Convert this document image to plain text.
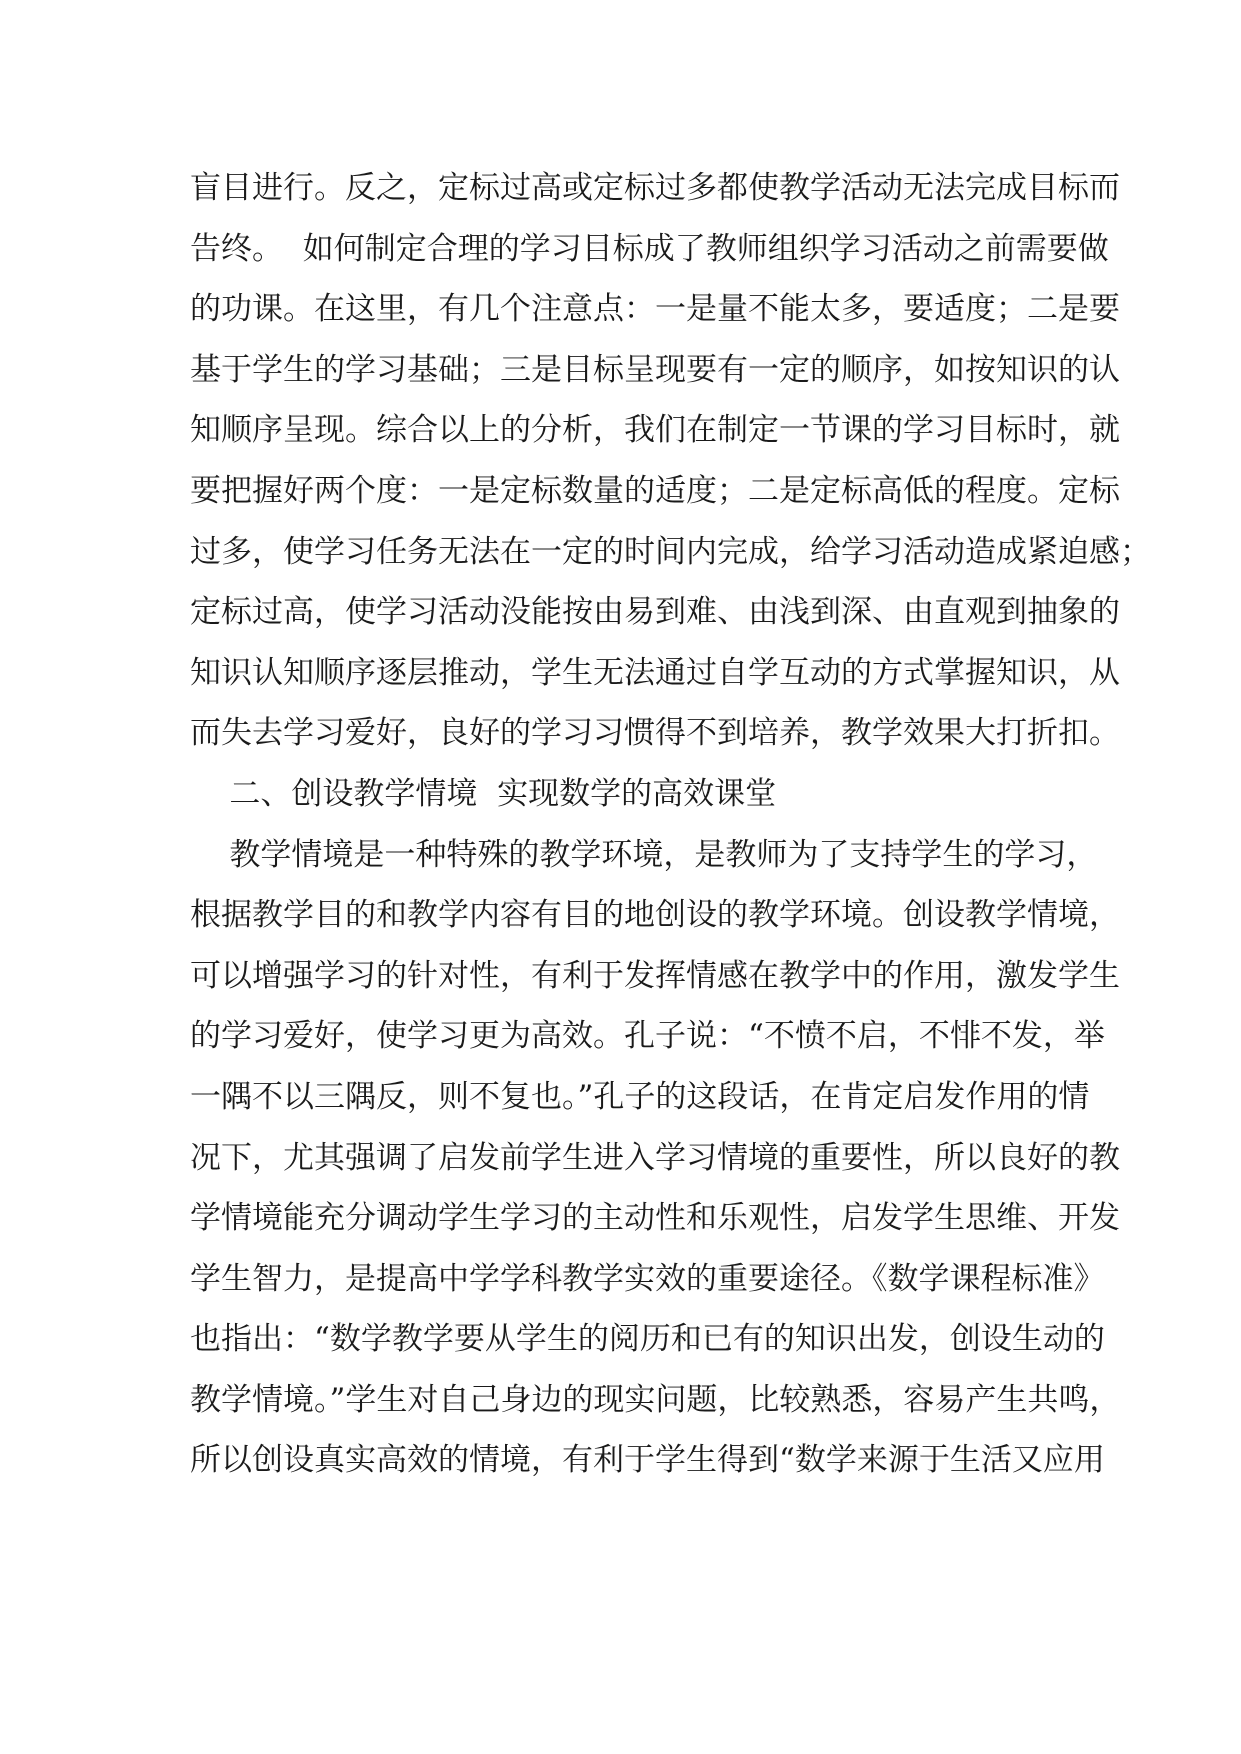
盲目进行。反之，定标过高或定标过多都使教学活动无法完成目标而
告终。  如何制定合理的学习目标成了教师组织学习活动之前需要做
的功课。在这里，有几个注意点：一是量不能太多，要适度；二是要
基于学生的学习基础；三是目标呈现要有一定的顺序，如按知识的认
知顺序呈现。综合以上的分析，我们在制定一节课的学习目标时，就
要把握好两个度：一是定标数量的适度；二是定标高低的程度。定标
过多，使学习任务无法在一定的时间内完成，给学习活动造成紧迫感；
定标过高，使学习活动没能按由易到难、由浅到深、由直观到抽象的
知识认知顺序逐层推动，学生无法通过自学互动的方式掌握知识，从
而失去学习爱好，良好的学习习惯得不到培养，教学效果大打折扣。
二、创设教学情境  实现数学的高效课堂
教学情境是一种特殊的教学环境，是教师为了支持学生的学习，
根据教学目的和教学内容有目的地创设的教学环境。创设教学情境，
可以增强学习的针对性，有利于发挥情感在教学中的作用，激发学生
的学习爱好，使学习更为高效。孔子说：“不愤不启，不悱不发，举
一隅不以三隅反，则不复也。”孔子的这段话，在肯定启发作用的情
况下，尤其强调了启发前学生进入学习情境的重要性，所以良好的教
学情境能充分调动学生学习的主动性和乐观性，启发学生思维、开发
学生智力，是提高中学学科教学实效的重要途径。《数学课程标准》
也指出：“数学教学要从学生的阅历和已有的知识出发，创设生动的
教学情境。”学生对自己身边的现实问题，比较熟悉，容易产生共鸣，
所以创设真实高效的情境，有利于学生得到“数学来源于生活又应用
